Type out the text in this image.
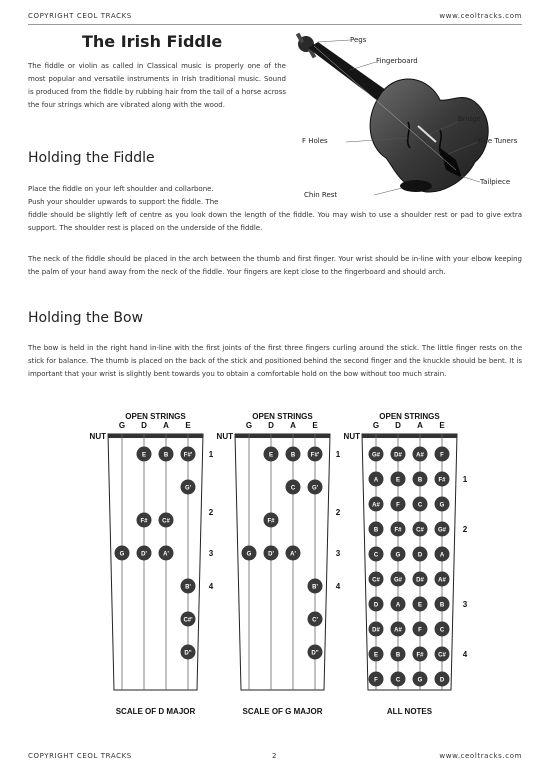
COPYRIGHT CEOL TRACKS	www.ceoltracks.com
The Irish Fiddle

The fiddle or violin as called in Classical music is properly one of the most popular and versatile instruments in Irish traditional music. Sound is produced from the fiddle by rubbing hair from the tail of a horse across the four strings which are vibrated along with the wood.

Pegs
Fingerboard
Bridge
F Holes	Fine Tuners
Tailpiece
Chin Rest
Holding the Fiddle

Place the fiddle on your left shoulder and collarbone.

Push your shoulder upwards to support the fiddle. The

fiddle should be slightly left of centre as you look down the length of the fiddle. You may wish to use a shoulder rest or pad to give extra support. The shoulder rest is placed on the underside of the fiddle.

The neck of the fiddle should be placed in the arch between the thumb and first finger. Your wrist should be in-line with your elbow keeping the palm of your hand away from the neck of the fiddle. Your fingers are kept close to the fingerboard and should arch.

Holding the Bow

The bow is held in the right hand in-line with the first joints of the first three fingers curling around the stick. The little finger rests on the stick for balance. The thumb is placed on the back of the stick and positioned behind the second finger and the knuckle should be bent. It is important that your wrist is slightly bent towards you to obtain a comfortable hold on the bow without too much strain.

OPEN STRINGS
G D A E
NUT
1
2
3
4
E	B	F#'
G'
F# C#
G	D'	A'
B'
C#'
D''
SCALE OF D MAJOR
OPEN STRINGS
G D A E
NUT
1
2
3
4
E	B	F#'
C	G'
F#
G	D'	A'
B'
C'
D''
SCALE OF G MAJOR
OPEN STRINGS
G D A E
NUT
1
2
3
4
G# D# A#	F
A	E	B	F#
A#	F	C	G
B	F# C# G#
C	G	D	A
C# G# D# A#
D	A	E	B
D# A#	F	C
E	B	F# C#
F	C	G	D
ALL NOTES
COPYRIGHT CEOL TRACKS	2	www.ceoltracks.com
